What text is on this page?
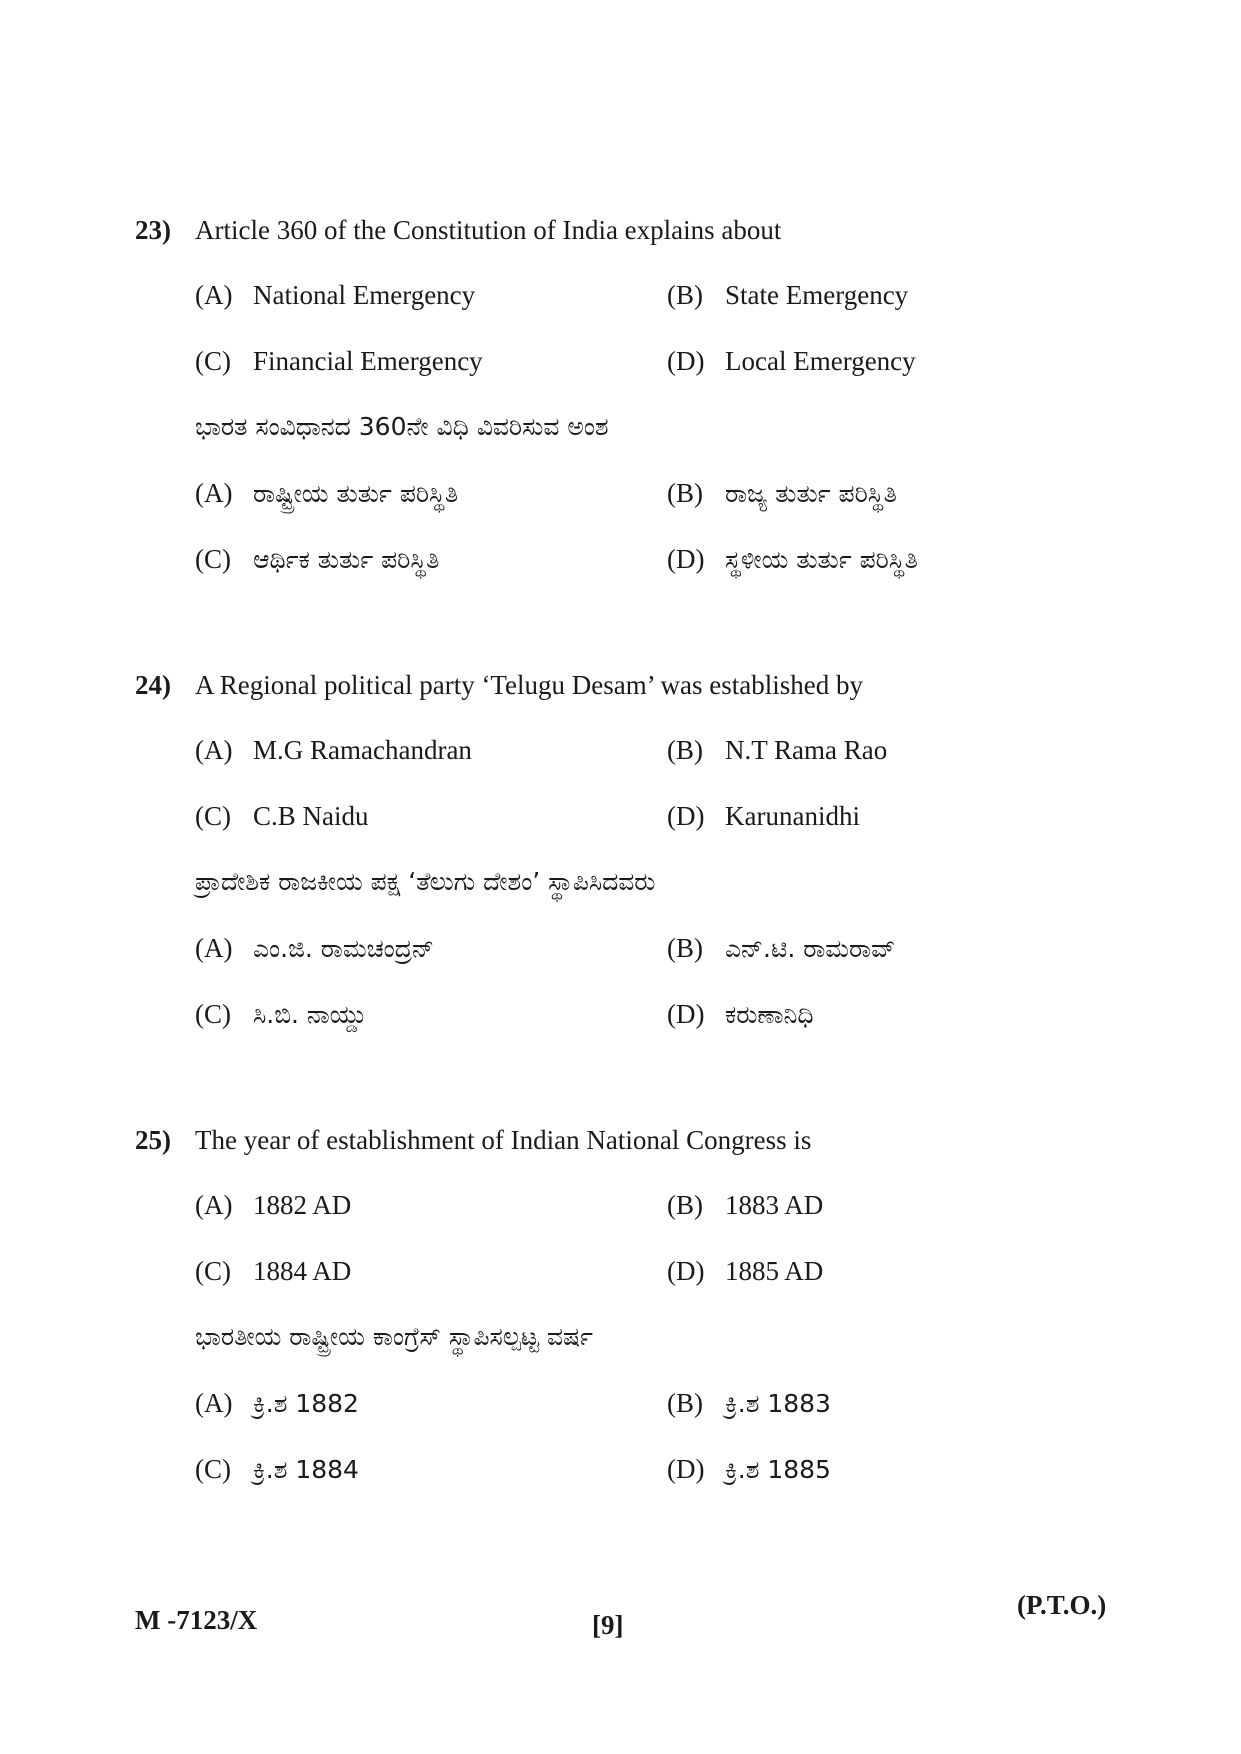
23) Article 360 of the Constitution of India explains about
(A) National Emergency	(B) State Emergency
(C) Financial Emergency	(D) Local Emergency
ಭಾರತ ಸಂವಿಧಾನದ 360ನೇ ವಿಧಿ ವಿವರಿಸುವ ಅಂಶ
(A) ರಾಷ್ಟ್ರೀಯ ತುರ್ತು ಪರಿಸ್ಥಿತಿ	(B) ರಾಜ್ಯ ತುರ್ತು ಪರಿಸ್ಥಿತಿ
(C) ಆರ್ಥಿಕ ತುರ್ತು ಪರಿಸ್ಥಿತಿ	(D) ಸ್ಥಳೀಯ ತುರ್ತು ಪರಿಸ್ಥಿತಿ
24) A Regional political party ‘Telugu Desam’ was established by
(A) M.G Ramachandran	(B) N.T Rama Rao
(C) C.B Naidu	(D) Karunanidhi
ಪ್ರಾದೇಶಿಕ ರಾಜಕೀಯ ಪಕ್ಷ ‘ತೆಲುಗು ದೇಶಂ’ ಸ್ಥಾಪಿಸಿದವರು
(A) ಎಂ.ಜಿ. ರಾಮಚಂದ್ರನ್	(B) ಎನ್.ಟಿ. ರಾಮರಾವ್
(C) ಸಿ.ಬಿ. ನಾಯ್ಡು	(D) ಕರುಣಾನಿಧಿ
25) The year of establishment of Indian National Congress is
(A) 1882 AD	(B) 1883 AD
(C) 1884 AD	(D) 1885 AD
ಭಾರತೀಯ ರಾಷ್ಟ್ರೀಯ ಕಾಂಗ್ರೆಸ್ ಸ್ಥಾಪಿಸಲ್ಪಟ್ಟ ವರ್ಷ
(A) ಕ್ರಿ.ಶ 1882	(B) ಕ್ರಿ.ಶ 1883
(C) ಕ್ರಿ.ಶ 1884	(D) ಕ್ರಿ.ಶ 1885
M -7123/X	[9]
(P.T.O.)
